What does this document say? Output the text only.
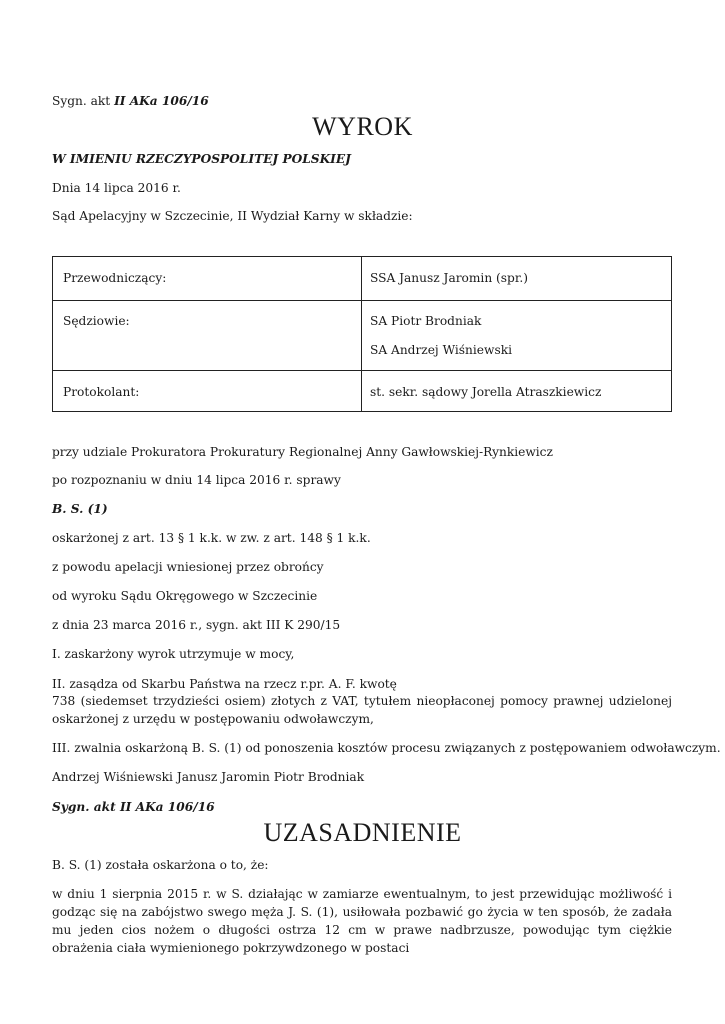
Sygn. akt II AKa 106/16
WYROK
W IMIENIU RZECZYPOSPOLITEJ POLSKIEJ
Dnia 14 lipca 2016 r.
Sąd Apelacyjny w Szczecinie, II Wydział Karny w składzie:
Przewodniczący:	SSA Janusz Jaromin (spr.)
Sędziowie:	SA Piotr Brodniak
SA Andrzej Wiśniewski
Protokolant:	st. sekr. sądowy Jorella Atraszkiewicz
przy udziale Prokuratora Prokuratury Regionalnej Anny Gawłowskiej-Rynkiewicz
po rozpoznaniu w dniu 14 lipca 2016 r. sprawy
B. S. (1)
oskarżonej z art. 13 § 1 k.k. w zw. z art. 148 § 1 k.k.
z powodu apelacji wniesionej przez obrońcy
od wyroku Sądu Okręgowego w Szczecinie
z dnia 23 marca 2016 r., sygn. akt III K 290/15
I. zaskarżony wyrok utrzymuje w mocy,
II. zasądza od Skarbu Państwa na rzecz r.pr. A. F. kwotę
738 (siedemset trzydzieści osiem) złotych z VAT, tytułem nieopłaconej pomocy prawnej udzielonej oskarżonej z urzędu w postępowaniu odwoławczym,
III. zwalnia oskarżoną B. S. (1) od ponoszenia kosztów procesu związanych z postępowaniem odwoławczym.
Andrzej Wiśniewski Janusz Jaromin Piotr Brodniak
Sygn. akt II AKa 106/16
UZASADNIENIE
B. S. (1) została oskarżona o to, że:
w dniu 1 sierpnia 2015 r. w S. działając w zamiarze ewentualnym, to jest przewidując możliwość i godząc się na zabójstwo swego męża J. S. (1), usiłowała pozbawić go życia w ten sposób, że zadała mu jeden cios nożem o długości ostrza 12 cm w prawe nadbrzusze, powodując tym ciężkie obrażenia ciała wymienionego pokrzywdzonego w postaci
